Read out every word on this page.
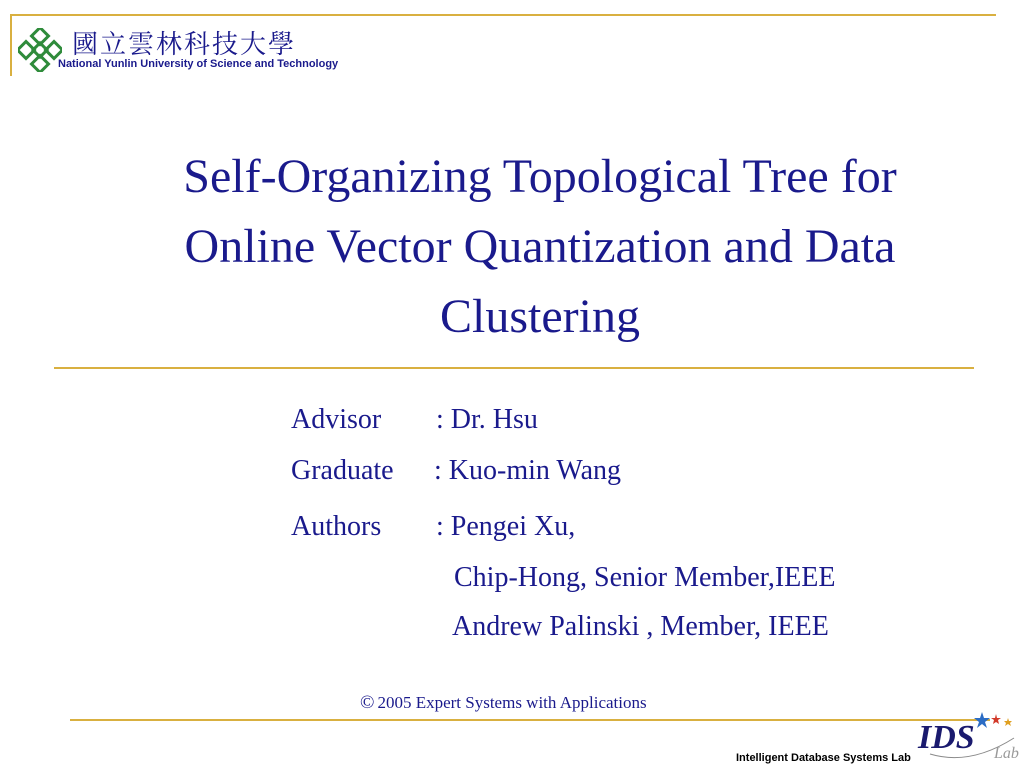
國立雲林科技大學
National Yunlin University of Science and Technology
Self-Organizing Topological Tree for
Online Vector Quantization and Data
Clustering
Advisor : Dr. Hsu
Graduate : Kuo-min Wang
Authors : Pengei Xu,
Chip-Hong, Senior Member,IEEE
Andrew Palinski , Member, IEEE
© 2005 Expert Systems with Applications
IDS Lab
Intelligent Database Systems Lab
